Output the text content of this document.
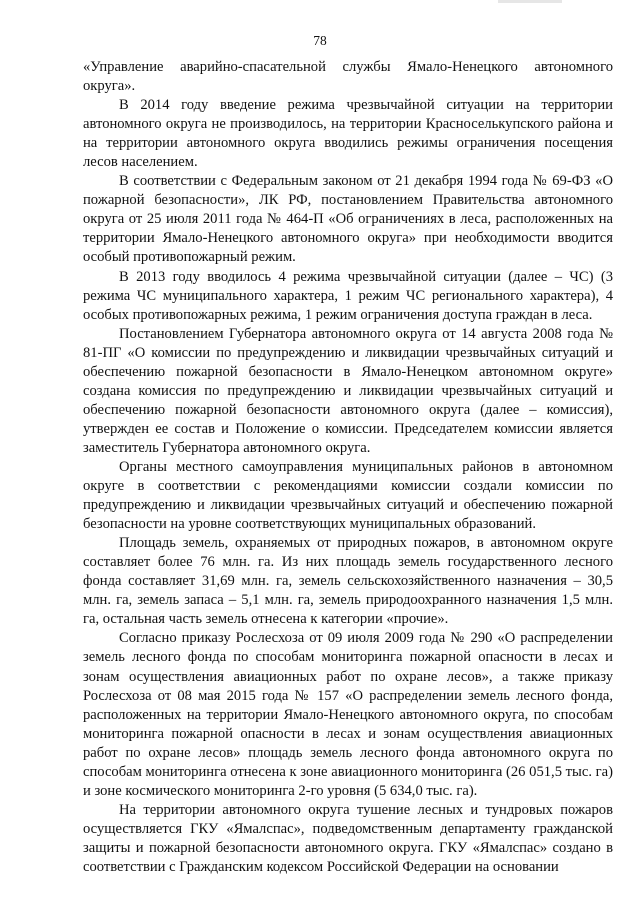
78

«Управление аварийно-спасательной службы Ямало-Ненецкого автономного округа».

В 2014 году введение режима чрезвычайной ситуации на территории автономного округа не производилось, на территории Красноселькупского района и на территории автономного округа вводились режимы ограничения посещения лесов населением.

В соответствии с Федеральным законом от 21 декабря 1994 года № 69-ФЗ «О пожарной безопасности», ЛК РФ, постановлением Правительства автономного округа от 25 июля 2011 года № 464-П «Об ограничениях в леса, расположенных на территории Ямало-Ненецкого автономного округа» при необходимости вводится особый противопожарный режим.

В 2013 году вводилось 4 режима чрезвычайной ситуации (далее – ЧС) (3 режима ЧС муниципального характера, 1 режим ЧС регионального характера), 4 особых противопожарных режима, 1 режим ограничения доступа граждан в леса.

Постановлением Губернатора автономного округа от 14 августа 2008 года № 81-ПГ «О комиссии по предупреждению и ликвидации чрезвычайных ситуаций и обеспечению пожарной безопасности в Ямало-Ненецком автономном округе» создана комиссия по предупреждению и ликвидации чрезвычайных ситуаций и обеспечению пожарной безопасности автономного округа (далее – комиссия), утвержден ее состав и Положение о комиссии. Председателем комиссии является заместитель Губернатора автономного округа.

Органы местного самоуправления муниципальных районов в автономном округе в соответствии с рекомендациями комиссии создали комиссии по предупреждению и ликвидации чрезвычайных ситуаций и обеспечению пожарной безопасности на уровне соответствующих муниципальных образований.

Площадь земель, охраняемых от природных пожаров, в автономном округе составляет более 76 млн. га. Из них площадь земель государственного лесного фонда составляет 31,69 млн. га, земель сельскохозяйственного назначения – 30,5 млн. га, земель запаса – 5,1 млн. га, земель природоохранного назначения 1,5 млн. га, остальная часть земель отнесена к категории «прочие».

Согласно приказу Рослесхоза от 09 июля 2009 года № 290 «О распределении земель лесного фонда по способам мониторинга пожарной опасности в лесах и зонам осуществления авиационных работ по охране лесов», а также приказу Рослесхоза от 08 мая 2015 года № 157 «О распределении земель лесного фонда, расположенных на территории Ямало-Ненецкого автономного округа, по способам мониторинга пожарной опасности в лесах и зонам осуществления авиационных работ по охране лесов» площадь земель лесного фонда автономного округа по способам мониторинга отнесена к зоне авиационного мониторинга (26 051,5 тыс. га) и зоне космического мониторинга 2-го уровня (5 634,0 тыс. га).

На территории автономного округа тушение лесных и тундровых пожаров осуществляется ГКУ «Ямалспас», подведомственным департаменту гражданской защиты и пожарной безопасности автономного округа. ГКУ «Ямалспас» создано в соответствии с Гражданским кодексом Российской Федерации на основании
